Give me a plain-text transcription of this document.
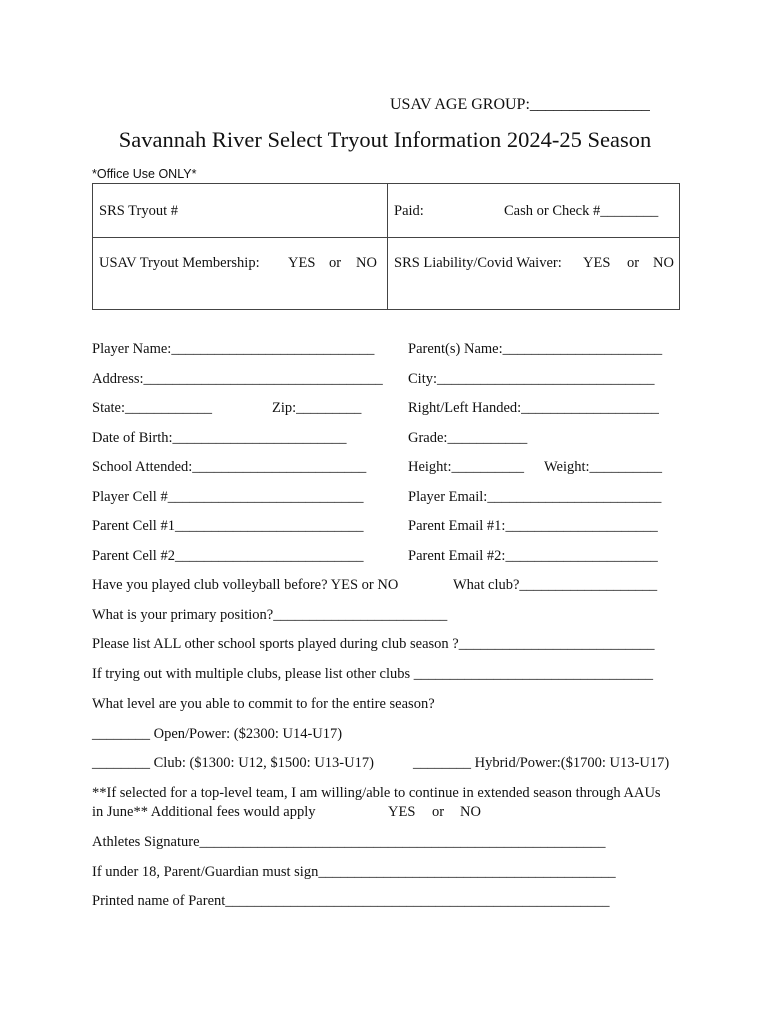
USAV AGE GROUP:_______________
Savannah River Select Tryout Information 2024-25 Season
*Office Use ONLY*
SRS Tryout #	Paid: Cash or Check #________

USAV Tryout Membership: YES or NO	SRS Liability/Covid Waiver: YES or NO
Player Name:____________________________ Parent(s) Name:______________________
Address:_________________________________ City:______________________________
State:____________	Zip:_________	Right/Left Handed:___________________
Date of Birth:________________________	Grade:___________
School Attended:________________________	Height:__________ Weight:__________
Player Cell #___________________________	Player Email:________________________
Parent Cell #1__________________________	Parent Email #1:_____________________
Parent Cell #2__________________________	Parent Email #2:_____________________
Have you played club volleyball before? YES or NO	What club?___________________
What is your primary position?________________________
Please list ALL other school sports played during club season ?___________________________
If trying out with multiple clubs, please list other clubs _________________________________
What level are you able to commit to for the entire season?
________ Open/Power: ($2300: U14-U17)
________ Club: ($1300: U12, $1500: U13-U17)	________ Hybrid/Power:($1700: U13-U17)
**If selected for a top-level team, I am willing/able to continue in extended season through AAUs
in June** Additional fees would apply	YES or NO
Athletes Signature________________________________________________________
If under 18, Parent/Guardian must sign_________________________________________
Printed name of Parent_____________________________________________________
